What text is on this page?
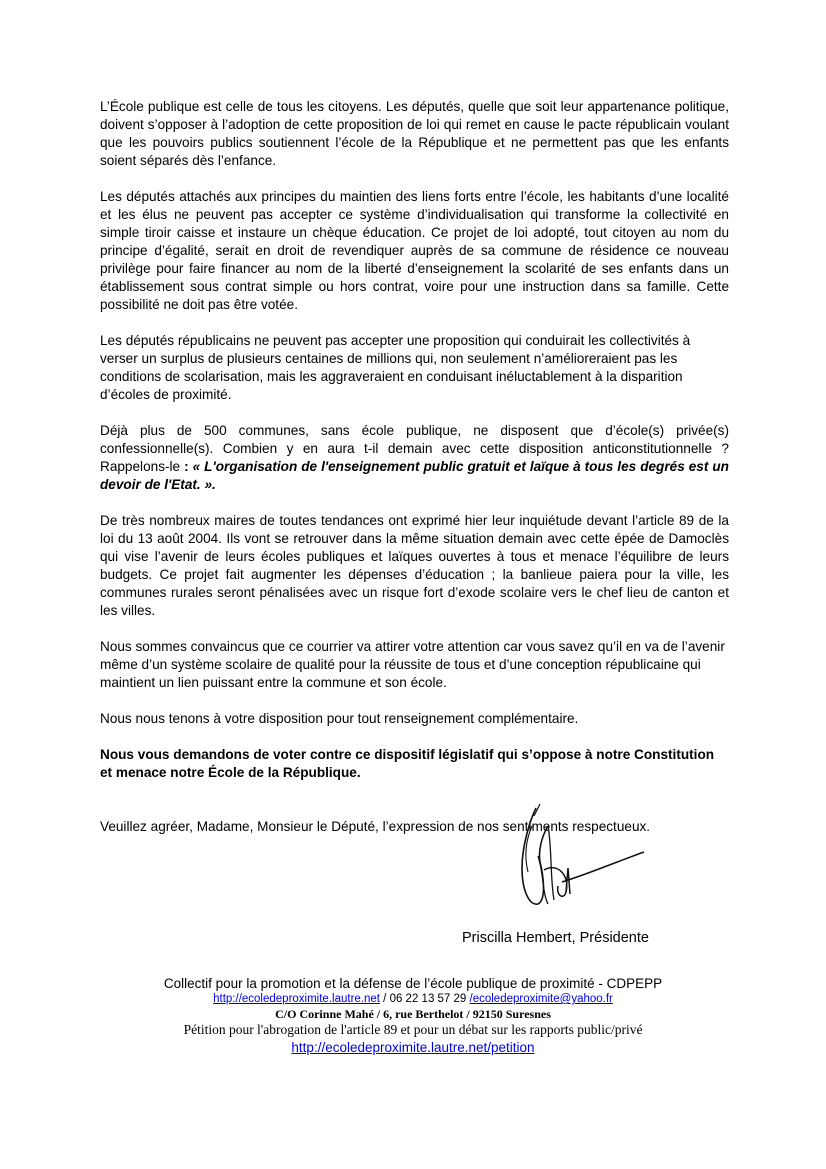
L’École publique est celle de tous les citoyens. Les députés, quelle que soit leur appartenance politique, doivent s’opposer à l’adoption de cette proposition de loi qui remet en cause le pacte républicain voulant que les pouvoirs publics soutiennent l’école de la République et ne permettent pas que les enfants soient séparés dès l’enfance.

Les députés attachés aux principes du maintien des liens forts entre l’école, les habitants d’une localité et les élus ne peuvent pas accepter ce système d’individualisation qui transforme la collectivité en simple tiroir caisse et instaure un chèque éducation. Ce projet de loi adopté, tout citoyen au nom du principe d’égalité, serait en droit de revendiquer auprès de sa commune de résidence ce nouveau privilège pour faire financer au nom de la liberté d’enseignement la scolarité de ses enfants dans un établissement sous contrat simple ou hors contrat, voire pour une instruction dans sa famille. Cette possibilité ne doit pas être votée.

Les députés républicains ne peuvent pas accepter une proposition qui conduirait les collectivités à verser un surplus de plusieurs centaines de millions qui, non seulement n’amélioreraient pas les conditions de scolarisation, mais les aggraveraient en conduisant inéluctablement à la disparition d’écoles de proximité.

Déjà plus de 500 communes, sans école publique, ne disposent que d’école(s) privée(s) confessionnelle(s). Combien y en aura t-il demain avec cette disposition anticonstitutionnelle ? Rappelons-le : « L'organisation de l'enseignement public gratuit et laïque à tous les degrés est un devoir de l'Etat. ».

De très nombreux maires de toutes tendances ont exprimé hier leur inquiétude devant l’article 89 de la loi du 13 août 2004. Ils vont se retrouver dans la même situation demain avec cette épée de Damoclès qui vise l’avenir de leurs écoles publiques et laïques ouvertes à tous et menace l’équilibre de leurs budgets. Ce projet fait augmenter les dépenses d’éducation ; la banlieue paiera pour la ville, les communes rurales seront pénalisées avec un risque fort d’exode scolaire vers le chef lieu de canton et les villes.

Nous sommes convaincus que ce courrier va attirer votre attention car vous savez qu’il en va de l’avenir même d’un système scolaire de qualité pour la réussite de tous et d’une conception républicaine qui maintient un lien puissant entre la commune et son école.

Nous nous tenons à votre disposition pour tout renseignement complémentaire.

Nous vous demandons de voter contre ce dispositif législatif qui s’oppose à notre Constitution et menace notre École de la République.

Veuillez agréer, Madame, Monsieur le Député, l’expression de nos sentiments respectueux.

Priscilla Hembert, Présidente
Collectif pour la promotion et la défense de l’école publique de proximité - CDPEPP
http://ecoledeproximite.lautre.net / 06 22 13 57 29 /ecoledeproximite@yahoo.fr
C/O Corinne Mahé / 6, rue Berthelot / 92150 Suresnes
Pétition pour l'abrogation de l'article 89 et pour un débat sur les rapports public/privé
http://ecoledeproximite.lautre.net/petition
